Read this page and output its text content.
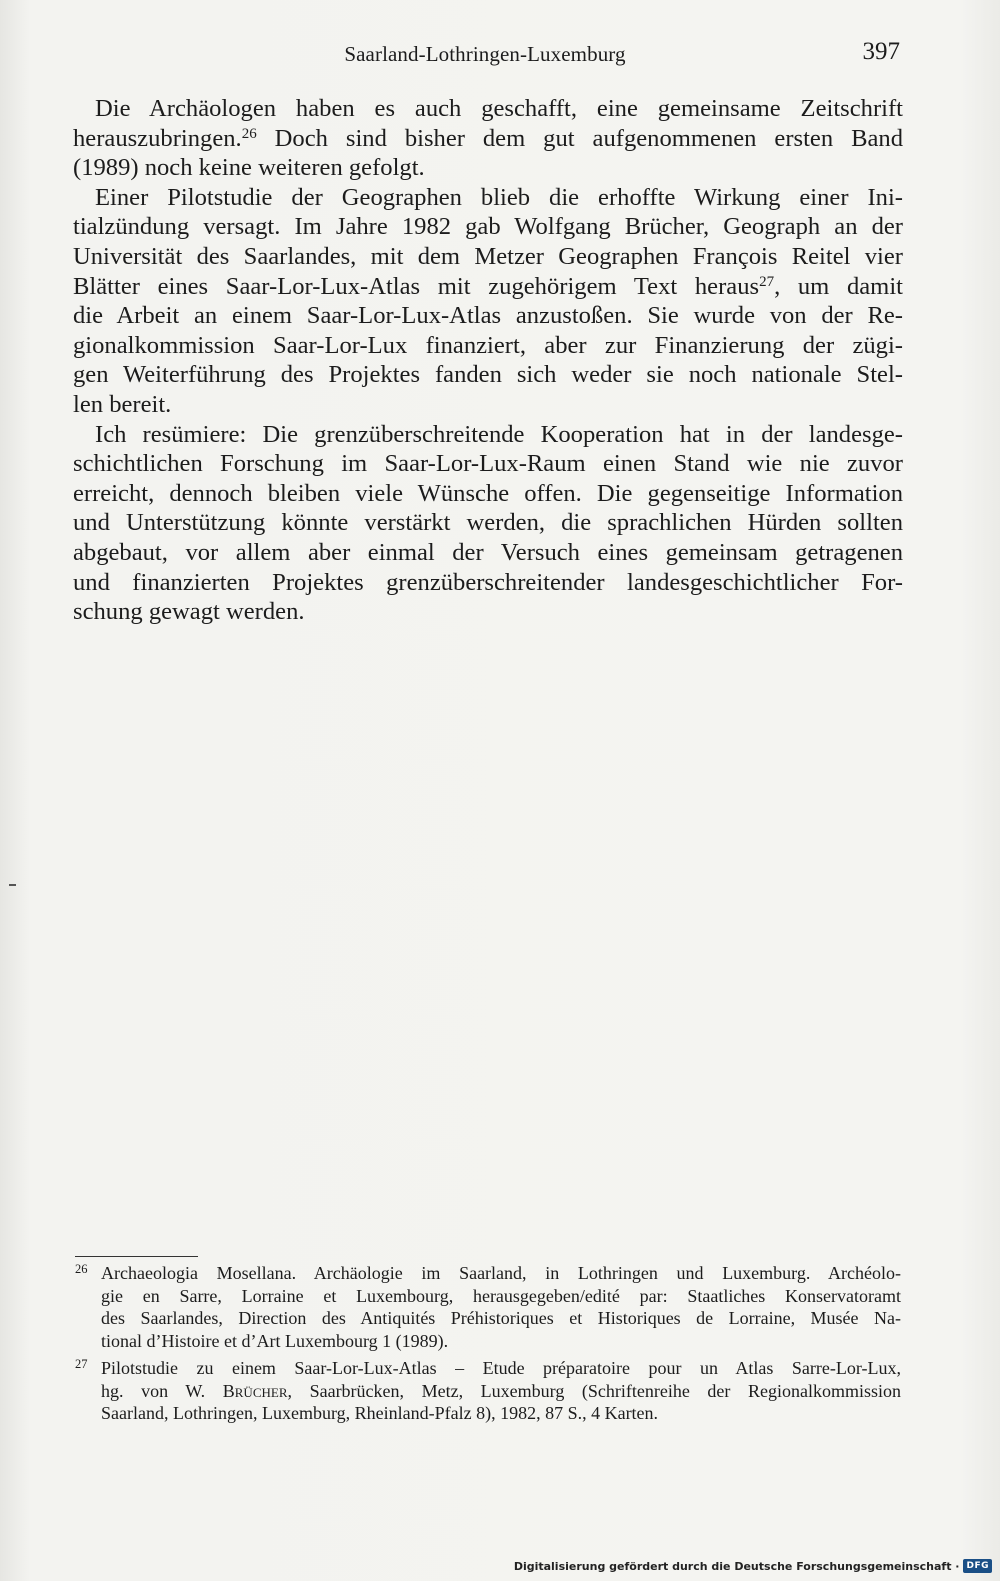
Saarland-Lothringen-Luxemburg	397
Die Archäologen haben es auch geschafft, eine gemeinsame Zeitschrift
herauszubringen.$^{26}$ Doch sind bisher dem gut aufgenommenen ersten Band
(1989) noch keine weiteren gefolgt.
Einer Pilotstudie der Geographen blieb die erhoffte Wirkung einer Ini-
tialzündung versagt. Im Jahre 1982 gab Wolfgang Brücher, Geograph an der
Universität des Saarlandes, mit dem Metzer Geographen François Reitel vier
Blätter eines Saar-Lor-Lux-Atlas mit zugehörigem Text heraus$^{27}$, um damit
die Arbeit an einem Saar-Lor-Lux-Atlas anzustoßen. Sie wurde von der Re-
gionalkommission Saar-Lor-Lux finanziert, aber zur Finanzierung der zügi-
gen Weiterführung des Projektes fanden sich weder sie noch nationale Stel-
len bereit.
Ich resümiere: Die grenzüberschreitende Kooperation hat in der landesge-
schichtlichen Forschung im Saar-Lor-Lux-Raum einen Stand wie nie zuvor
erreicht, dennoch bleiben viele Wünsche offen. Die gegenseitige Information
und Unterstützung könnte verstärkt werden, die sprachlichen Hürden sollten
abgebaut, vor allem aber einmal der Versuch eines gemeinsam getragenen
und finanzierten Projektes grenzüberschreitender landesgeschichtlicher For-
schung gewagt werden.
26 Archaeologia Mosellana. Archäologie im Saarland, in Lothringen und Luxemburg. Archéolo-
gie en Sarre, Lorraine et Luxembourg, herausgegeben/edité par: Staatliches Konservatoramt
des Saarlandes, Direction des Antiquités Préhistoriques et Historiques de Lorraine, Musée Na-
tional d’Histoire et d’Art Luxembourg 1 (1989).
27 Pilotstudie zu einem Saar-Lor-Lux-Atlas – Etude préparatoire pour un Atlas Sarre-Lor-Lux,
hg. von W. Brücher, Saarbrücken, Metz, Luxemburg (Schriftenreihe der Regionalkommission
Saarland, Lothringen, Luxemburg, Rheinland-Pfalz 8), 1982, 87 S., 4 Karten.
Digitalisierung gefördert durch die Deutsche Forschungsgemeinschaft · DFG
